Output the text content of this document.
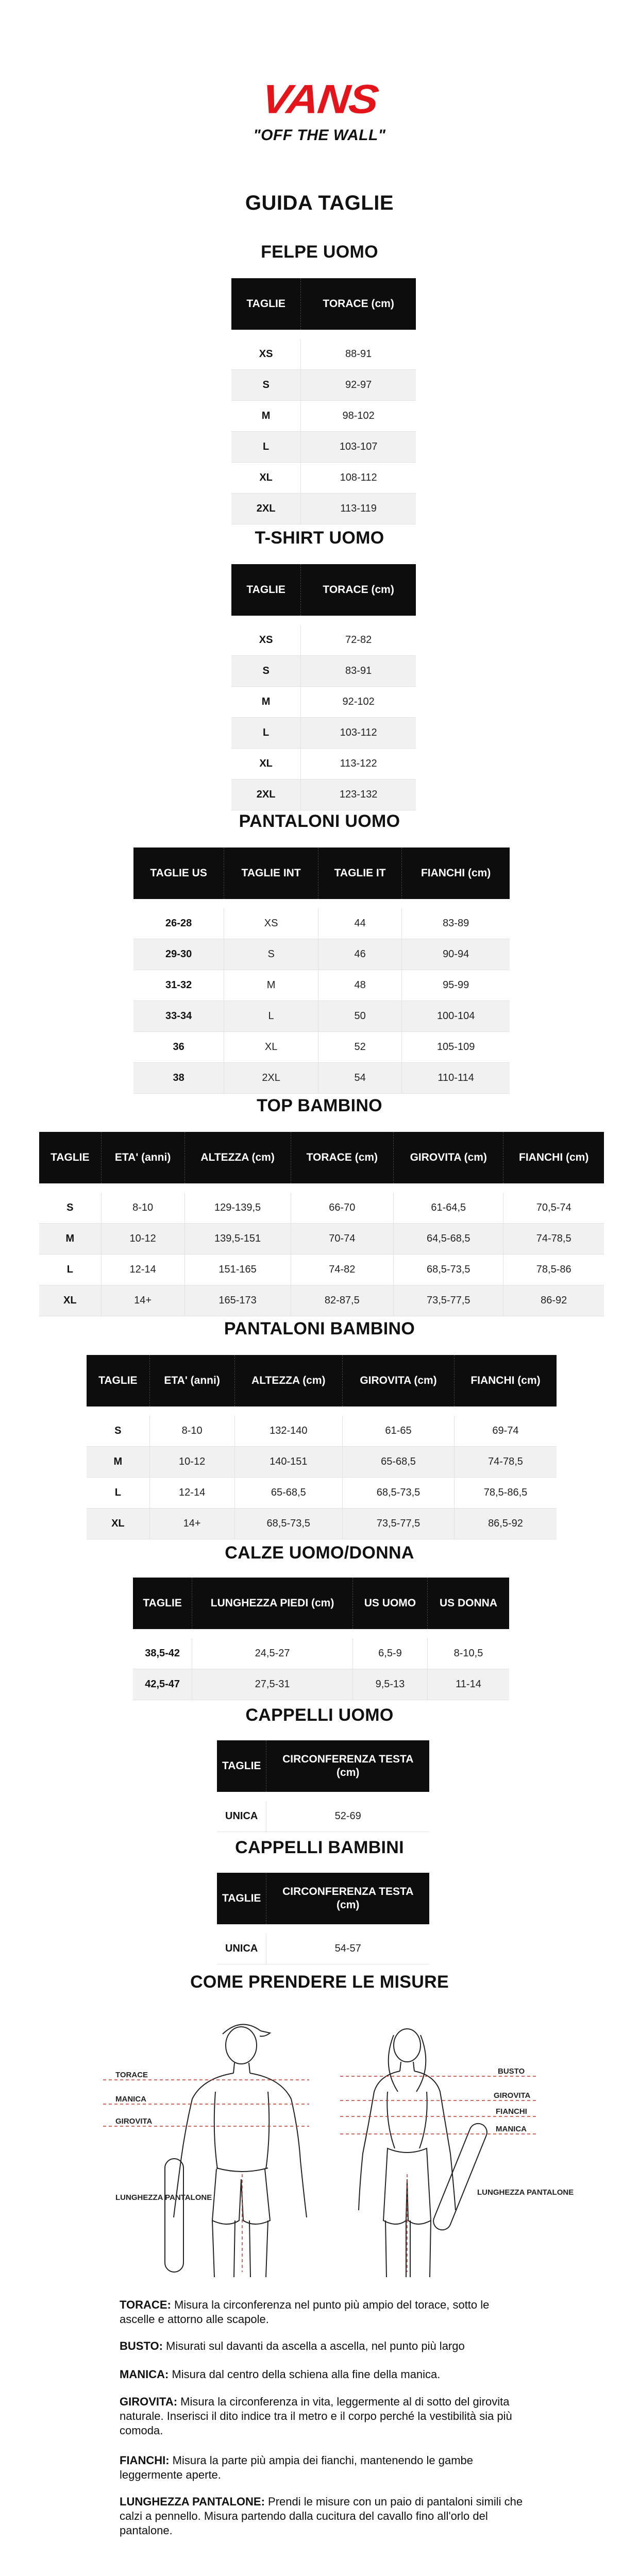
VANS
"OFF THE WALL"
GUIDA TAGLIE
FELPE UOMO
TAGLIE	TORACE (cm)

XS	88-91
S	92-97
M	98-102
L	103-107
XL	108-112
2XL	113-119
T-SHIRT UOMO
TAGLIE	TORACE (cm)

XS	72-82
S	83-91
M	92-102
L	103-112
XL	113-122
2XL	123-132
PANTALONI UOMO
TAGLIE US	TAGLIE INT	TAGLIE IT	FIANCHI (cm)

26-28	XS	44	83-89
29-30	S	46	90-94
31-32	M	48	95-99
33-34	L	50	100-104
36	XL	52	105-109
38	2XL	54	110-114
TOP BAMBINO
TAGLIE	ETA' (anni)	ALTEZZA (cm)	TORACE (cm)	GIROVITA (cm)	FIANCHI (cm)

S	8-10	129-139,5	66-70	61-64,5	70,5-74
M	10-12	139,5-151	70-74	64,5-68,5	74-78,5
L	12-14	151-165	74-82	68,5-73,5	78,5-86
XL	14+	165-173	82-87,5	73,5-77,5	86-92
PANTALONI BAMBINO
TAGLIE	ETA' (anni)	ALTEZZA (cm)	GIROVITA (cm)	FIANCHI (cm)

S	8-10	132-140	61-65	69-74
M	10-12	140-151	65-68,5	74-78,5
L	12-14	65-68,5	68,5-73,5	78,5-86,5
XL	14+	68,5-73,5	73,5-77,5	86,5-92
CALZE UOMO/DONNA
TAGLIE	LUNGHEZZA PIEDI (cm)	US UOMO	US DONNA

38,5-42	24,5-27	6,5-9	8-10,5
42,5-47	27,5-31	9,5-13	11-14
CAPPELLI UOMO
TAGLIE	CIRCONFERENZA TESTA (cm)

UNICA	52-69
CAPPELLI BAMBINI
TAGLIE	CIRCONFERENZA TESTA (cm)

UNICA	54-57
COME PRENDERE LE MISURE
TORACE
MANICA
GIROVITA
LUNGHEZZA PANTALONE
BUSTO
GIROVITA
FIANCHI
MANICA
LUNGHEZZA PANTALONE
TORACE: Misura la circonferenza nel punto più ampio del torace, sotto le ascelle e attorno alle scapole.
BUSTO: Misurati sul davanti da ascella a ascella, nel punto più largo
MANICA: Misura dal centro della schiena alla fine della manica.
GIROVITA: Misura la circonferenza in vita, leggermente al di sotto del girovita naturale. Inserisci il dito indice tra il metro e il corpo perché la vestibilità sia più comoda.
FIANCHI: Misura la parte più ampia dei fianchi, mantenendo le gambe leggermente aperte.
LUNGHEZZA PANTALONE: Prendi le misure con un paio di pantaloni simili che calzi a pennello. Misura partendo dalla cucitura del cavallo fino all'orlo del pantalone.
